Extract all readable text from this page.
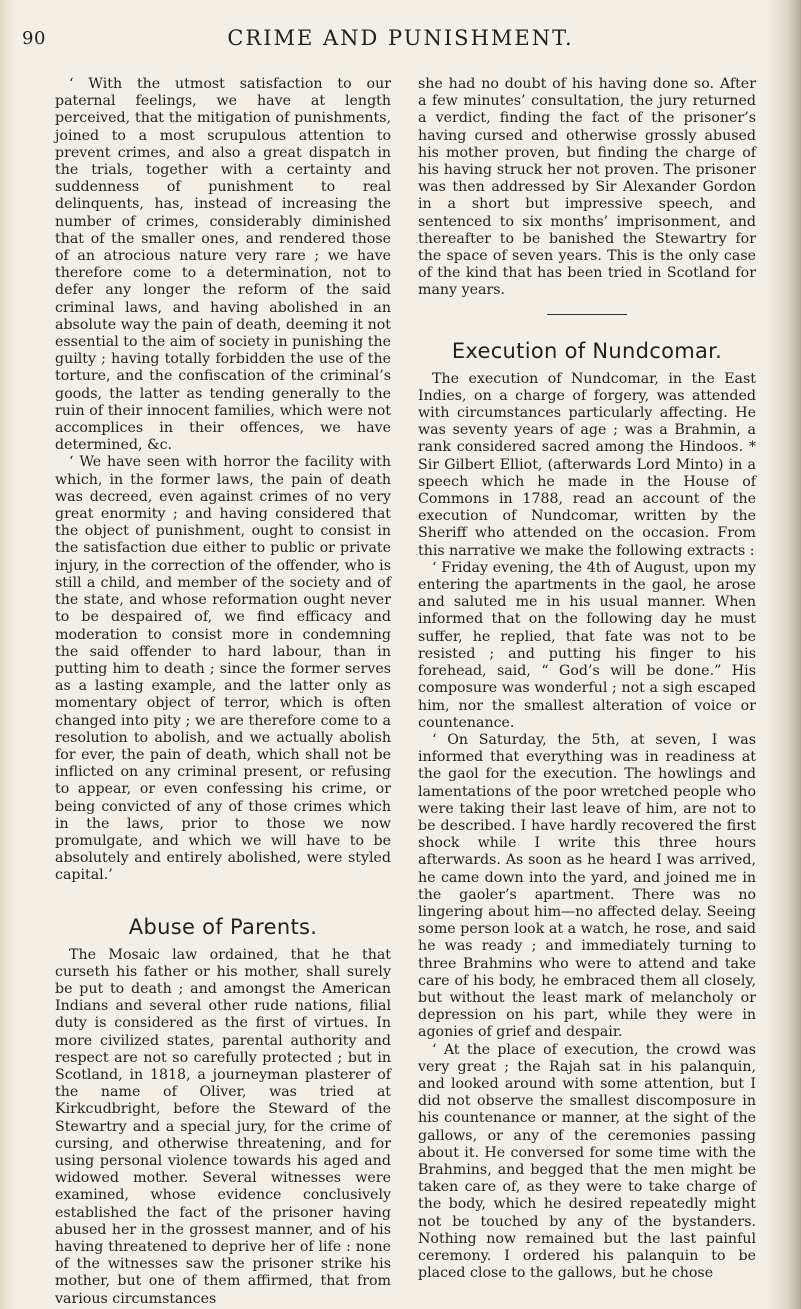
90	CRIME AND PUNISHMENT.

‘ With the utmost satisfaction to our paternal feelings, we have at length perceived, that the mitigation of punishments, joined to a most scrupulous attention to prevent crimes, and also a great dispatch in the trials, together with a certainty and suddenness of punishment to real delinquents, has, instead of increasing the number of crimes, considerably diminished that of the smaller ones, and rendered those of an atrocious nature very rare ; we have therefore come to a determination, not to defer any longer the reform of the said criminal laws, and having abolished in an absolute way the pain of death, deeming it not essential to the aim of society in punishing the guilty ; having totally forbidden the use of the torture, and the confiscation of the criminal’s goods, the latter as tending generally to the ruin of their innocent families, which were not accomplices in their offences, we have determined, &c.

‘ We have seen with horror the facility with which, in the former laws, the pain of death was decreed, even against crimes of no very great enormity ; and having considered that the object of punishment, ought to consist in the satisfaction due either to public or private injury, in the correction of the offender, who is still a child, and member of the society and of the state, and whose reformation ought never to be despaired of, we find efficacy and moderation to consist more in condemning the said offender to hard labour, than in putting him to death ; since the former serves as a lasting example, and the latter only as momentary object of terror, which is often changed into pity ; we are therefore come to a resolution to abolish, and we actually abolish for ever, the pain of death, which shall not be inflicted on any criminal present, or refusing to appear, or even confessing his crime, or being convicted of any of those crimes which in the laws, prior to those we now promulgate, and which we will have to be absolutely and entirely abolished, were styled capital.’

Abuse of Parents.

The Mosaic law ordained, that he that curseth his father or his mother, shall surely be put to death ; and amongst the American Indians and several other rude nations, filial duty is considered as the first of virtues. In more civilized states, parental authority and respect are not so carefully protected ; but in Scotland, in 1818, a journeyman plasterer of the name of Oliver, was tried at Kirkcudbright, before the Steward of the Stewartry and a special jury, for the crime of cursing, and otherwise threatening, and for using personal violence towards his aged and widowed mother. Several witnesses were examined, whose evidence conclusively established the fact of the prisoner having abused her in the grossest manner, and of his having threatened to deprive her of life : none of the witnesses saw the prisoner strike his mother, but one of them affirmed, that from various circumstances

she had no doubt of his having done so. After a few minutes’ consultation, the jury returned a verdict, finding the fact of the prisoner’s having cursed and otherwise grossly abused his mother proven, but finding the charge of his having struck her not proven. The prisoner was then addressed by Sir Alexander Gordon in a short but impressive speech, and sentenced to six months’ imprisonment, and thereafter to be banished the Stewartry for the space of seven years. This is the only case of the kind that has been tried in Scotland for many years.

Execution of Nundcomar.

The execution of Nundcomar, in the East Indies, on a charge of forgery, was attended with circumstances particularly affecting. He was seventy years of age ; was a Brahmin, a rank considered sacred among the Hindoos. * Sir Gilbert Elliot, (afterwards Lord Minto) in a speech which he made in the House of Commons in 1788, read an account of the execution of Nundcomar, written by the Sheriff who attended on the occasion. From this narrative we make the following extracts :

‘ Friday evening, the 4th of August, upon my entering the apartments in the gaol, he arose and saluted me in his usual manner. When informed that on the following day he must suffer, he replied, that fate was not to be resisted ; and putting his finger to his forehead, said, “ God’s will be done.” His composure was wonderful ; not a sigh escaped him, nor the smallest alteration of voice or countenance.

‘ On Saturday, the 5th, at seven, I was informed that everything was in readiness at the gaol for the execution. The howlings and lamentations of the poor wretched people who were taking their last leave of him, are not to be described. I have hardly recovered the first shock while I write this three hours afterwards. As soon as he heard I was arrived, he came down into the yard, and joined me in the gaoler’s apartment. There was no lingering about him—no affected delay. Seeing some person look at a watch, he rose, and said he was ready ; and immediately turning to three Brahmins who were to attend and take care of his body, he embraced them all closely, but without the least mark of melancholy or depression on his part, while they were in agonies of grief and despair.

‘ At the place of execution, the crowd was very great ; the Rajah sat in his palanquin, and looked around with some attention, but I did not observe the smallest discomposure in his countenance or manner, at the sight of the gallows, or any of the ceremonies passing about it. He conversed for some time with the Brahmins, and begged that the men might be taken care of, as they were to take charge of the body, which he desired repeatedly might not be touched by any of the bystanders. Nothing now remained but the last painful ceremony. I ordered his palanquin to be placed close to the gallows, but he chose
